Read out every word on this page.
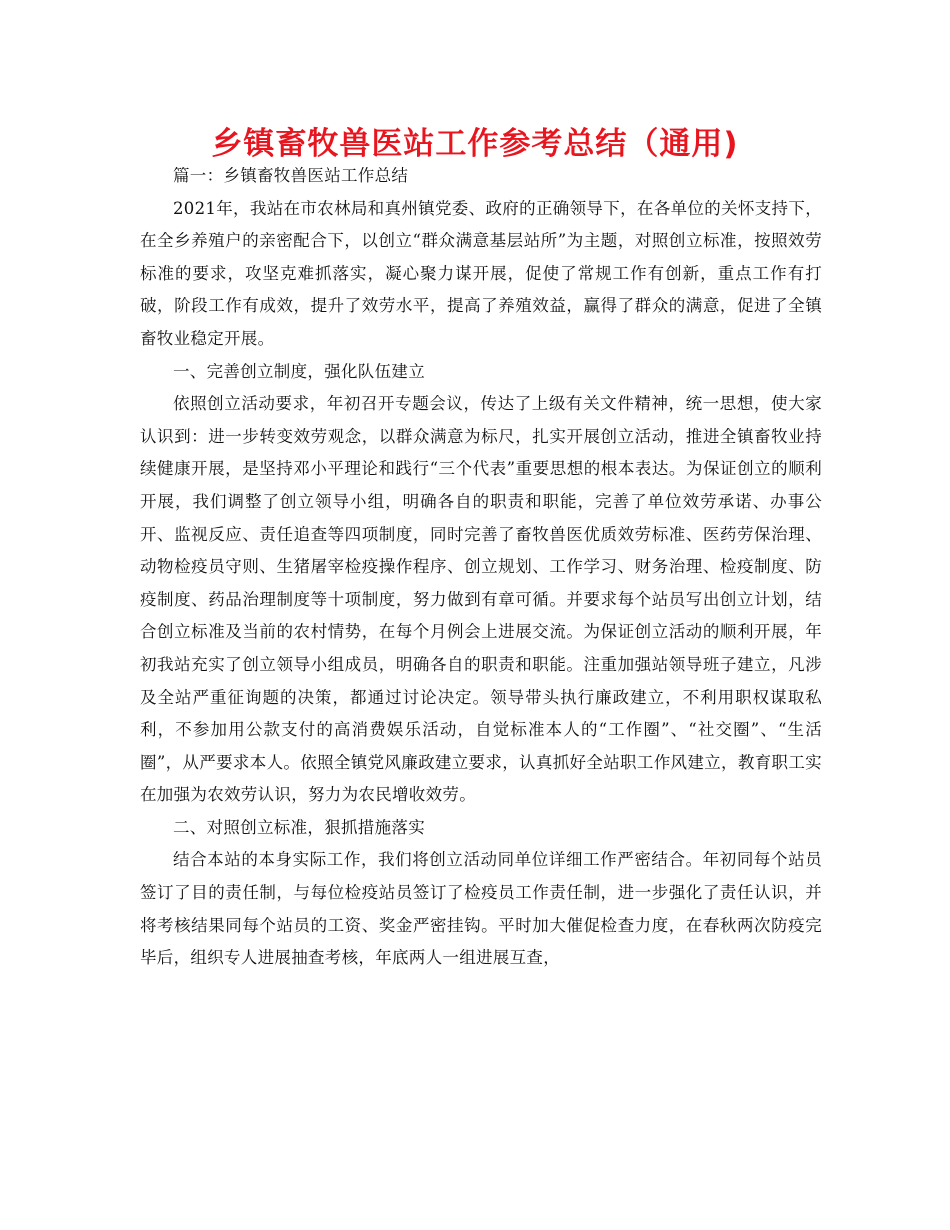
乡镇畜牧兽医站工作参考总结（通用)

篇一：乡镇畜牧兽医站工作总结

2021年，我站在市农林局和真州镇党委、政府的正确领导下，在各单位的关怀支持下，在全乡养殖户的亲密配合下，以创立“群众满意基层站所”为主题，对照创立标准，按照效劳标准的要求，攻坚克难抓落实，凝心聚力谋开展，促使了常规工作有创新，重点工作有打破，阶段工作有成效，提升了效劳水平，提高了养殖效益，赢得了群众的满意，促进了全镇畜牧业稳定开展。

一、完善创立制度，强化队伍建立

依照创立活动要求，年初召开专题会议，传达了上级有关文件精神，统一思想，使大家认识到：进一步转变效劳观念，以群众满意为标尺，扎实开展创立活动，推进全镇畜牧业持续健康开展，是坚持邓小平理论和践行“三个代表”重要思想的根本表达。为保证创立的顺利开展，我们调整了创立领导小组，明确各自的职责和职能，完善了单位效劳承诺、办事公开、监视反应、责任追查等四项制度，同时完善了畜牧兽医优质效劳标准、医药劳保治理、动物检疫员守则、生猪屠宰检疫操作程序、创立规划、工作学习、财务治理、检疫制度、防疫制度、药品治理制度等十项制度，努力做到有章可循。并要求每个站员写出创立计划，结合创立标准及当前的农村情势，在每个月例会上进展交流。为保证创立活动的顺利开展，年初我站充实了创立领导小组成员，明确各自的职责和职能。注重加强站领导班子建立，凡涉及全站严重征询题的决策，都通过讨论决定。领导带头执行廉政建立，不利用职权谋取私利，不参加用公款支付的高消费娱乐活动，自觉标准本人的“工作圈”、“社交圈”、“生活圈”，从严要求本人。依照全镇党风廉政建立要求，认真抓好全站职工作风建立，教育职工实在加强为农效劳认识，努力为农民增收效劳。

二、对照创立标准，狠抓措施落实

结合本站的本身实际工作，我们将创立活动同单位详细工作严密结合。年初同每个站员签订了目的责任制，与每位检疫站员签订了检疫员工作责任制，进一步强化了责任认识，并将考核结果同每个站员的工资、奖金严密挂钩。平时加大催促检查力度，在春秋两次防疫完毕后，组织专人进展抽查考核，年底两人一组进展互查，
